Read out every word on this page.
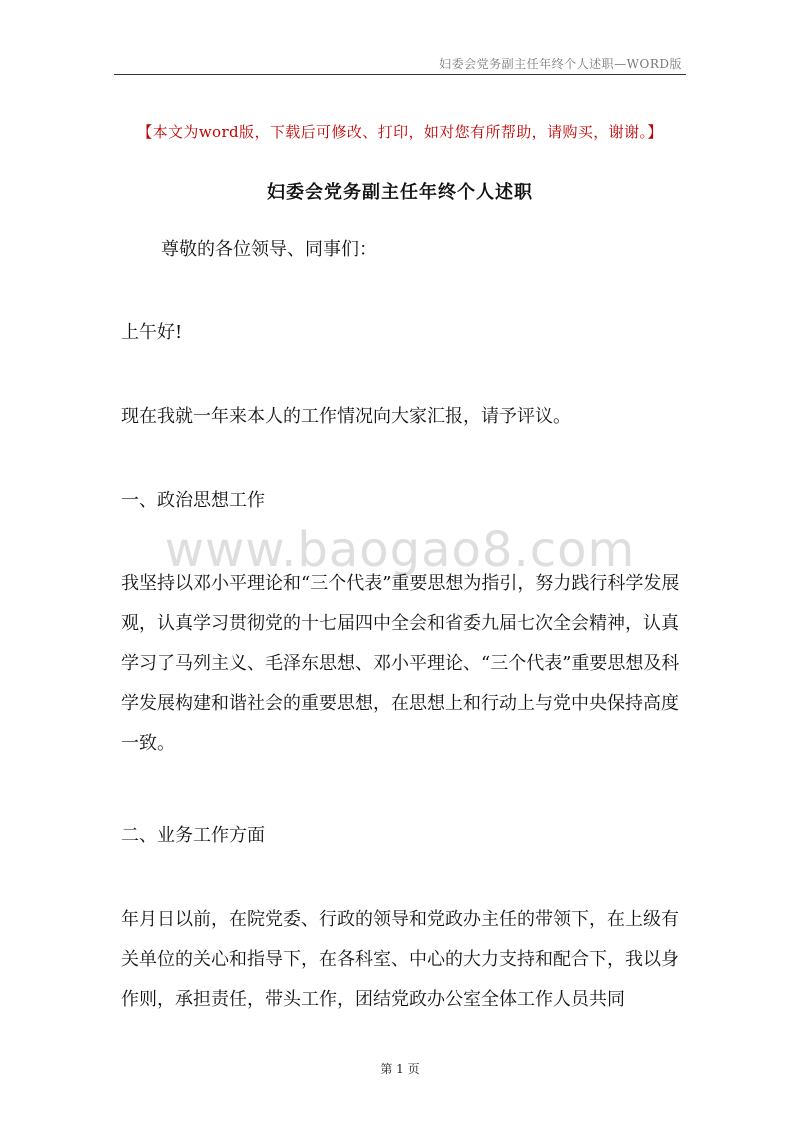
妇委会党务副主任年终个人述职—WORD版
【本文为word版，下载后可修改、打印，如对您有所帮助，请购买，谢谢。】
妇委会党务副主任年终个人述职

尊敬的各位领导、同事们：

上午好!

现在我就一年来本人的工作情况向大家汇报，请予评议。

一、政治思想工作

www.baogao8.com

我坚持以邓小平理论和“三个代表”重要思想为指引，努力践行科学发展观，认真学习贯彻党的十七届四中全会和省委九届七次全会精神，认真学习了马列主义、毛泽东思想、邓小平理论、“三个代表”重要思想及科学发展构建和谐社会的重要思想，在思想上和行动上与党中央保持高度一致。

二、业务工作方面

年月日以前，在院党委、行政的领导和党政办主任的带领下，在上级有关单位的关心和指导下，在各科室、中心的大力支持和配合下，我以身作则，承担责任，带头工作，团结党政办公室全体工作人员共同

第 1 页
